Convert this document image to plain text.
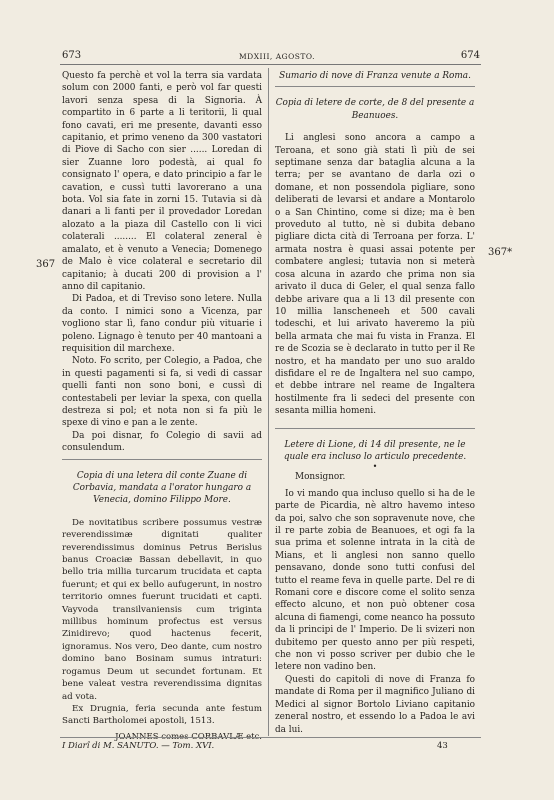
673	MDXIII, AGOSTO.	674
367
367*

Questo fa perchè et vol la terra sia vardata solum con 2000 fanti, e però vol far questi lavori senza spesa di la Signoria. À compartito in 6 parte a li teritorii, li qual fono cavati, eri me presente, davanti esso capitanio, et primo veneno da 300 vastatori di Piove di Sacho con sier ...... Loredan di sier Zuanne loro podestà, ai qual fo consignato l' opera, e dato principio a far le cavation, e cussì tutti lavorerano a una bota. Vol sia fate in zorni 15. Tutavia si dà danari a li fanti per il provedador Loredan alozato a la piaza dil Castello con li vici colaterali ........ El colateral zeneral è amalato, et è venuto a Venecia; Domenego de Malo è vice colateral e secretario dil capitanio; à ducati 200 di provision a l' anno dil capitanio.

Di Padoa, et di Treviso sono letere. Nulla da conto. I nimici sono a Vicenza, par vogliono star lì, fano condur più vituarie i poleno. Lignago è tenuto per 40 mantoani a requisition dil marchexe.

Noto. Fo scrito, per Colegio, a Padoa, che in questi pagamenti si fa, si vedi di cassar quelli fanti non sono boni, e cussì di contestabeli per leviar la spexa, con quella destreza si pol; et nota non si fa più le spexe di vino e pan a le zente.

Da poi disnar, fo Colegio di savii ad consulendum.

Copia di una letera dil conte Zuane di Corbavia, mandata a l'orator hungaro a Venecia, domino Filippo More.

De novitatibus scribere possumus vestræ reverendissimæ dignitati qualiter reverendissimus dominus Petrus Berislus banus Croaciæ Bassan debellavit, in quo bello tria millia turcarum trucidata et capta fuerunt; et qui ex bello aufugerunt, in nostro territorio omnes fuerunt trucidati et capti. Vayvoda transilvaniensis cum triginta millibus hominum profectus est versus Zinidirevo; quod hactenus fecerit, ignoramus. Nos vero, Deo dante, cum nostro domino bano Bosinam sumus intraturi: rogamus Deum ut secundet fortunam. Et bene valeat vestra reverendissima dignitas ad vota.

Ex Drugnia, feria secunda ante festum Sancti Bartholomei apostoli, 1513.

JOANNES comes CORBAVLÆ etc.

Sumario di nove di Franza venute a Roma.

Copia di letere de corte, de 8 del presente a Beanuoes.

Li anglesi sono ancora a campo a Teroana, et sono già stati lì più de sei septimane senza dar bataglia alcuna a la terra; per se avantano de darla ozi o domane, et non possendola pigliare, sono deliberati de levarsi et andare a Montarolo o a San Chintino, come si dize; ma è ben proveduto al tutto, nè si dubita debano pigliare dicta cità di Terroana per forza. L' armata nostra è quasi assai potente per combatere anglesi; tutavia non si meterà cosa alcuna in azardo che prima non sia arivato il duca di Geler, el qual senza fallo debbe arivare qua a li 13 dil presente con 10 millia lanscheneeh et 500 cavali todeschi, et lui arivato haveremo la più bella armata che mai fu vista in Franza. El re de Scozia se è declarato in tutto per il Re nostro, et ha mandato per uno suo araldo disfidare el re de Ingaltera nel suo campo, et debbe intrare nel reame de Ingaltera hostilmente fra li sedeci del presente con sesanta millia homeni.

Letere di Lione, di 14 dil presente, ne le quale era incluso lo articulo precedente.

•

Monsignor.

Io vi mando qua incluso quello si ha de le parte de Picardia, nè altro havemo inteso da poi, salvo che son sopravenute nove, che il re parte zobia de Beanuoes, et ogi fa la sua prima et solenne intrata in la cità de Mians, et li anglesi non sanno quello pensavano, donde sono tutti confusi del tutto el reame feva in quelle parte. Del re di Romani core e discore come el solito senza effecto alcuno, et non può obtener cosa alcuna di fiamengi, come neanco ha possuto da li principi de l' Imperio. De li svizeri non dubitemo per questo anno per più respeti, che non vi posso scriver per dubio che le letere non vadino ben.

Questi do capitoli di nove di Franza fo mandate di Roma per il magnifico Juliano di Medici al signor Bortolo Liviano capitanio zeneral nostro, et essendo lo a Padoa le avi da lui.

I Diarî di M. SANUTO. — Tom. XVI.	43
